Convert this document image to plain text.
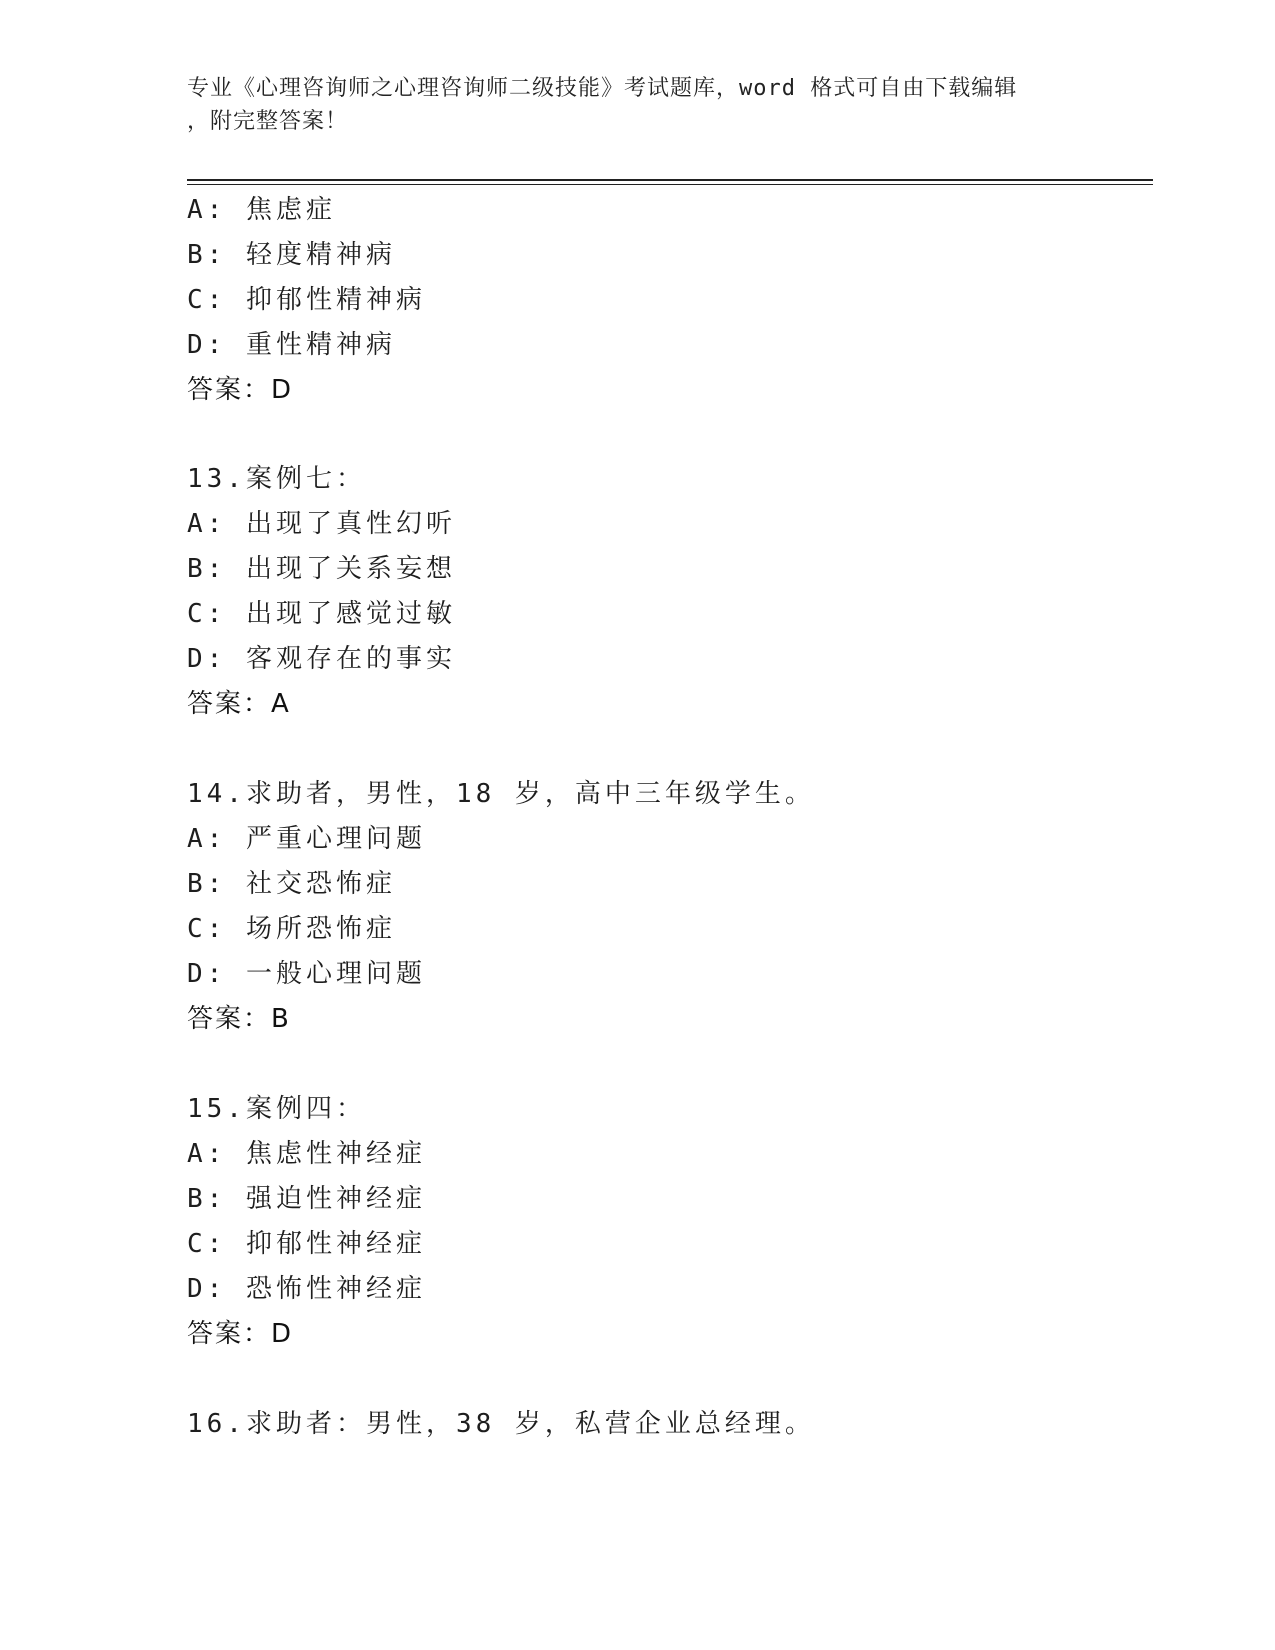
专业《心理咨询师之心理咨询师二级技能》考试题库，word 格式可自由下载编辑
，附完整答案！
A: 焦虑症
B: 轻度精神病
C: 抑郁性精神病
D: 重性精神病
答案：D
13.案例七：
A: 出现了真性幻听
B: 出现了关系妄想
C: 出现了感觉过敏
D: 客观存在的事实
答案：A
14.求助者，男性，18 岁，高中三年级学生。
A: 严重心理问题
B: 社交恐怖症
C: 场所恐怖症
D: 一般心理问题
答案：B
15.案例四：
A: 焦虑性神经症
B: 强迫性神经症
C: 抑郁性神经症
D: 恐怖性神经症
答案：D
16.求助者：男性，38 岁，私营企业总经理。
